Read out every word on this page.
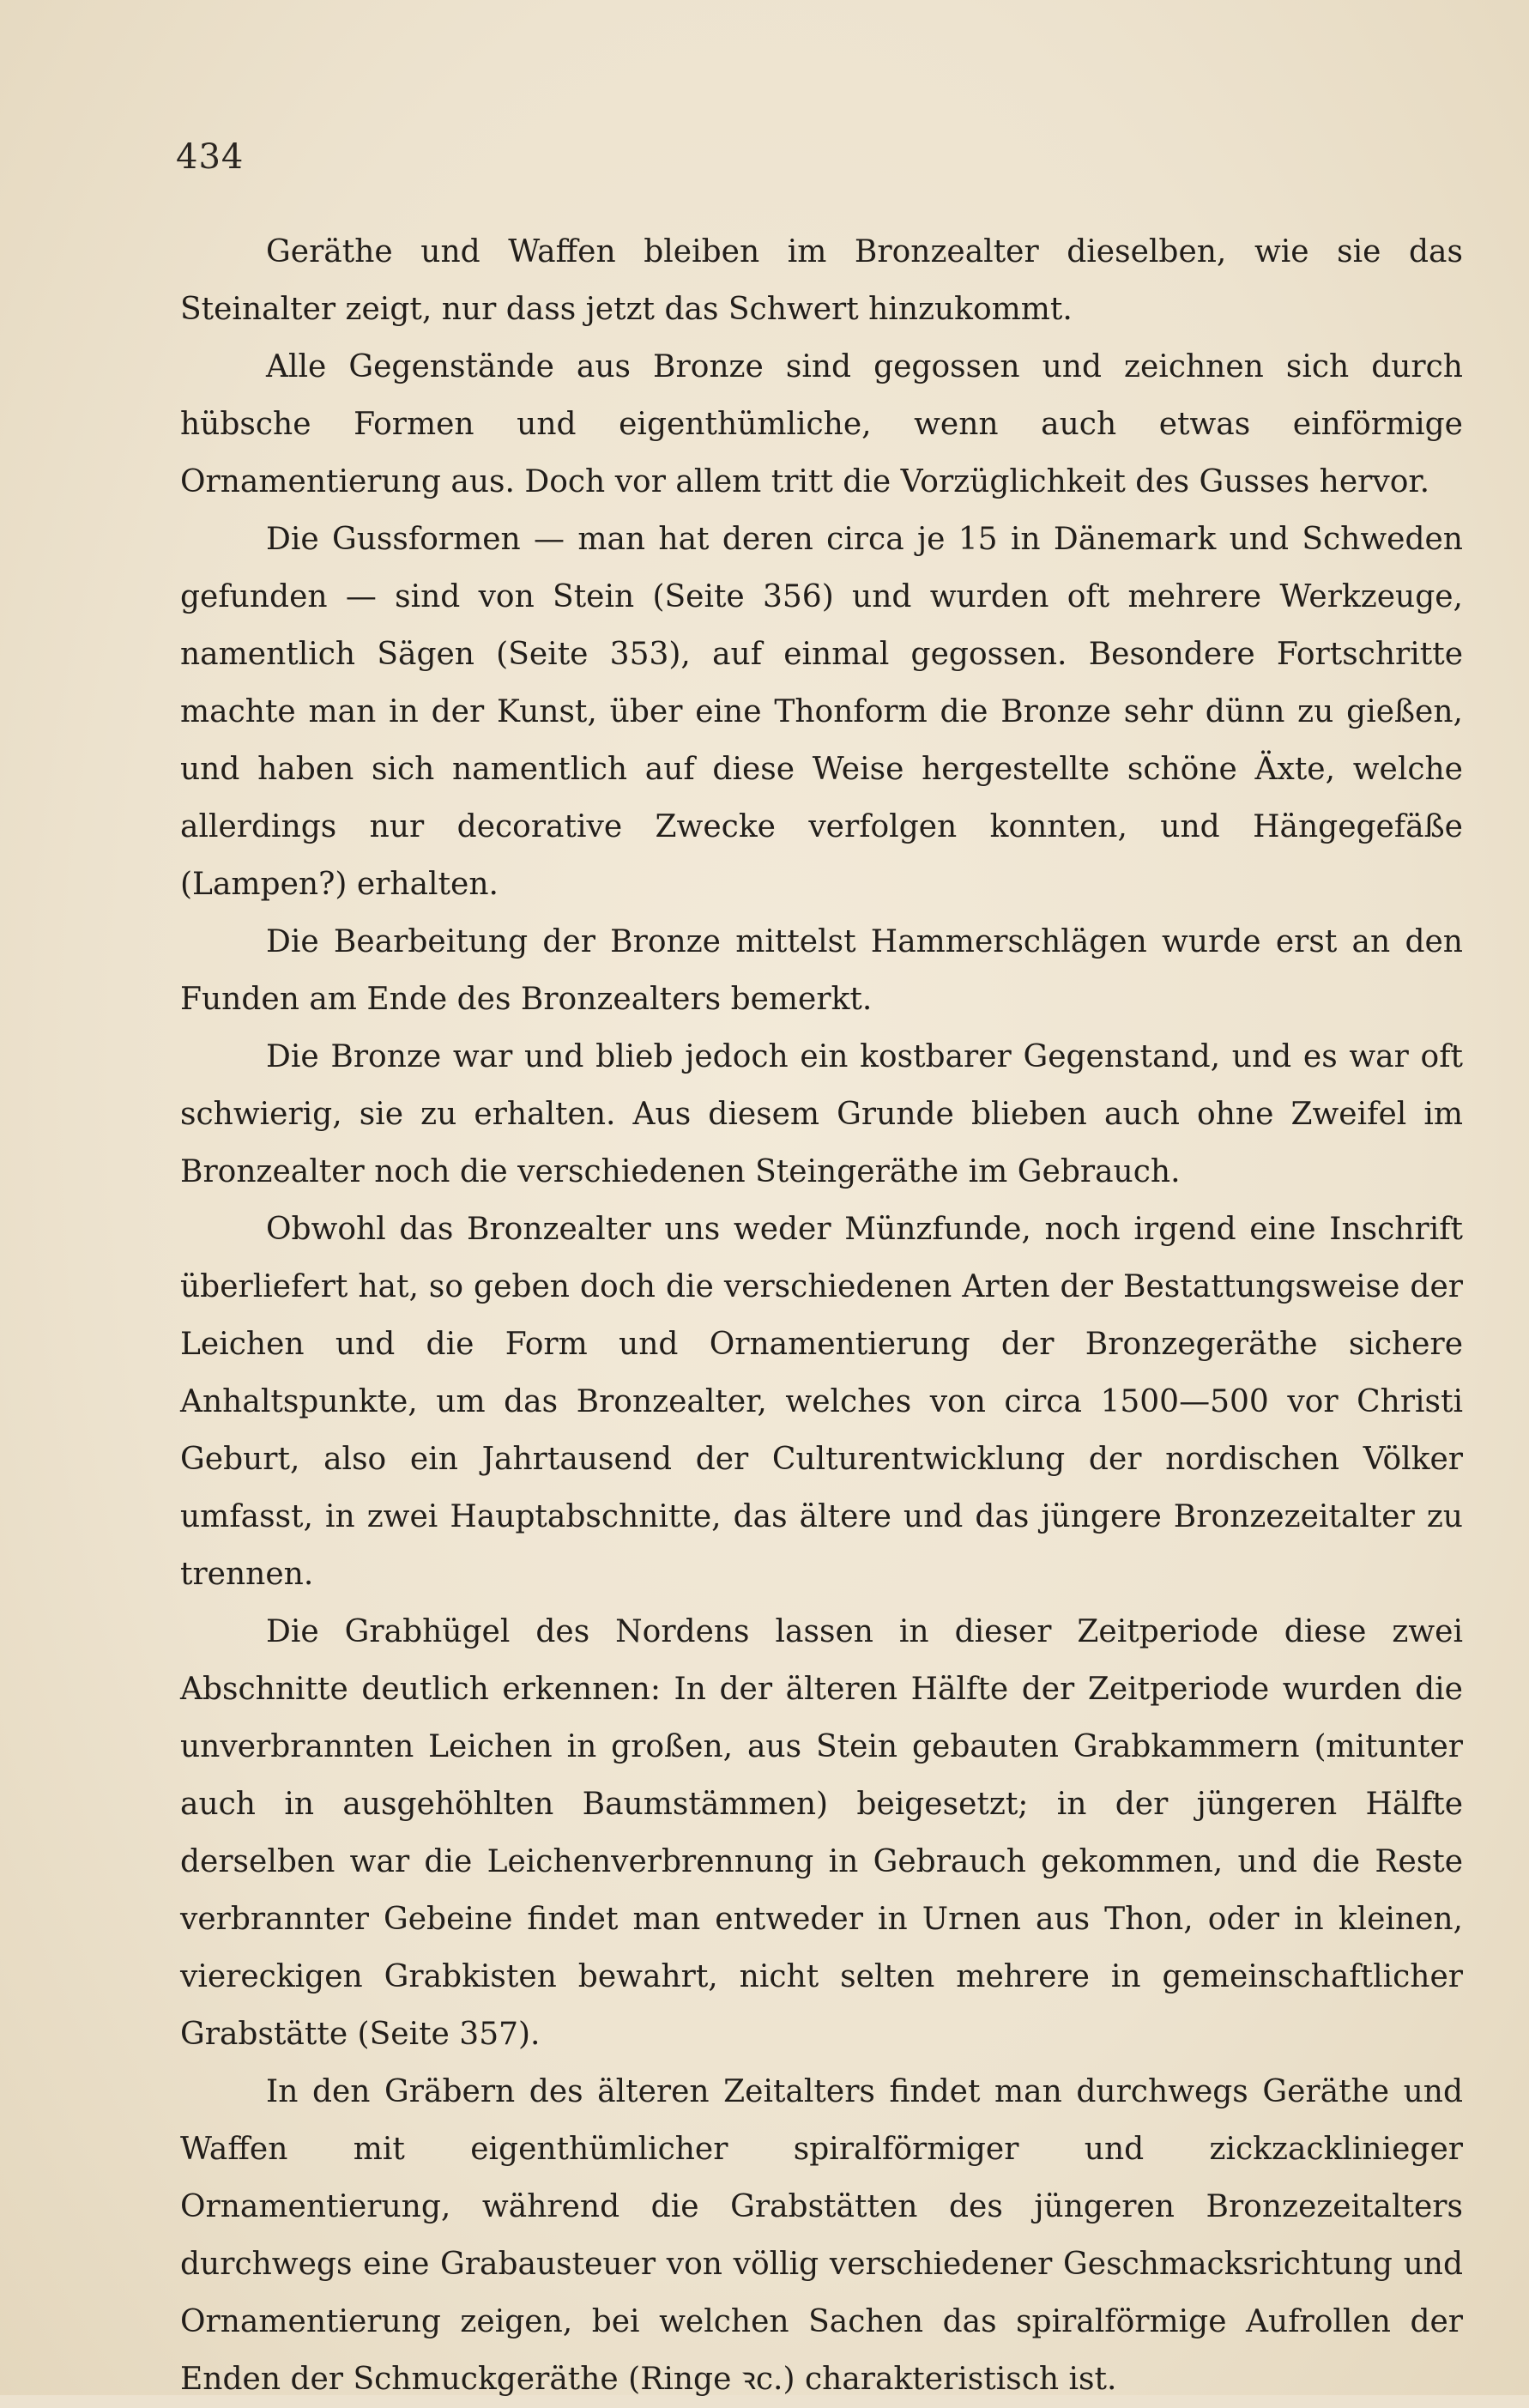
434

Geräthe und Waffen bleiben im Bronzealter dieselben, wie sie das Steinalter zeigt, nur dass jetzt das Schwert hinzukommt.

Alle Gegenstände aus Bronze sind gegossen und zeichnen sich durch hübsche Formen und eigenthümliche, wenn auch etwas einförmige Ornamentierung aus. Doch vor allem tritt die Vorzüglichkeit des Gusses hervor.

Die Gussformen — man hat deren circa je 15 in Dänemark und Schweden gefunden — sind von Stein (Seite 356) und wurden oft mehrere Werkzeuge, namentlich Sägen (Seite 353), auf einmal gegossen. Besondere Fortschritte machte man in der Kunst, über eine Thonform die Bronze sehr dünn zu gießen, und haben sich namentlich auf diese Weise hergestellte schöne Äxte, welche allerdings nur decorative Zwecke verfolgen konnten, und Hängegefäße (Lampen?) erhalten.

Die Bearbeitung der Bronze mittelst Hammerschlägen wurde erst an den Funden am Ende des Bronzealters bemerkt.

Die Bronze war und blieb jedoch ein kostbarer Gegenstand, und es war oft schwierig, sie zu erhalten. Aus diesem Grunde blieben auch ohne Zweifel im Bronzealter noch die verschiedenen Steingeräthe im Gebrauch.

Obwohl das Bronzealter uns weder Münzfunde, noch irgend eine Inschrift überliefert hat, so geben doch die verschiedenen Arten der Bestattungsweise der Leichen und die Form und Ornamentierung der Bronzegeräthe sichere Anhaltspunkte, um das Bronzealter, welches von circa 1500—500 vor Christi Geburt, also ein Jahrtausend der Culturentwicklung der nordischen Völker umfasst, in zwei Hauptabschnitte, das ältere und das jüngere Bronzezeitalter zu trennen.

Die Grabhügel des Nordens lassen in dieser Zeitperiode diese zwei Abschnitte deutlich erkennen: In der älteren Hälfte der Zeitperiode wurden die unverbrannten Leichen in großen, aus Stein gebauten Grabkammern (mitunter auch in ausgehöhlten Baumstämmen) beigesetzt; in der jüngeren Hälfte derselben war die Leichenverbrennung in Gebrauch gekommen, und die Reste verbrannter Gebeine findet man entweder in Urnen aus Thon, oder in kleinen, viereckigen Grabkisten bewahrt, nicht selten mehrere in gemeinschaftlicher Grabstätte (Seite 357).

In den Gräbern des älteren Zeitalters findet man durchwegs Geräthe und Waffen mit eigenthümlicher spiralförmiger und zickzacklinieger Ornamentierung, während die Grabstätten des jüngeren Bronzezeitalters durchwegs eine Grabausteuer von völlig verschiedener Geschmacksrichtung und Ornamentierung zeigen, bei welchen Sachen das spiralförmige Aufrollen der Enden der Schmuckgeräthe (Ringe ꝛc.) charakteristisch ist.
